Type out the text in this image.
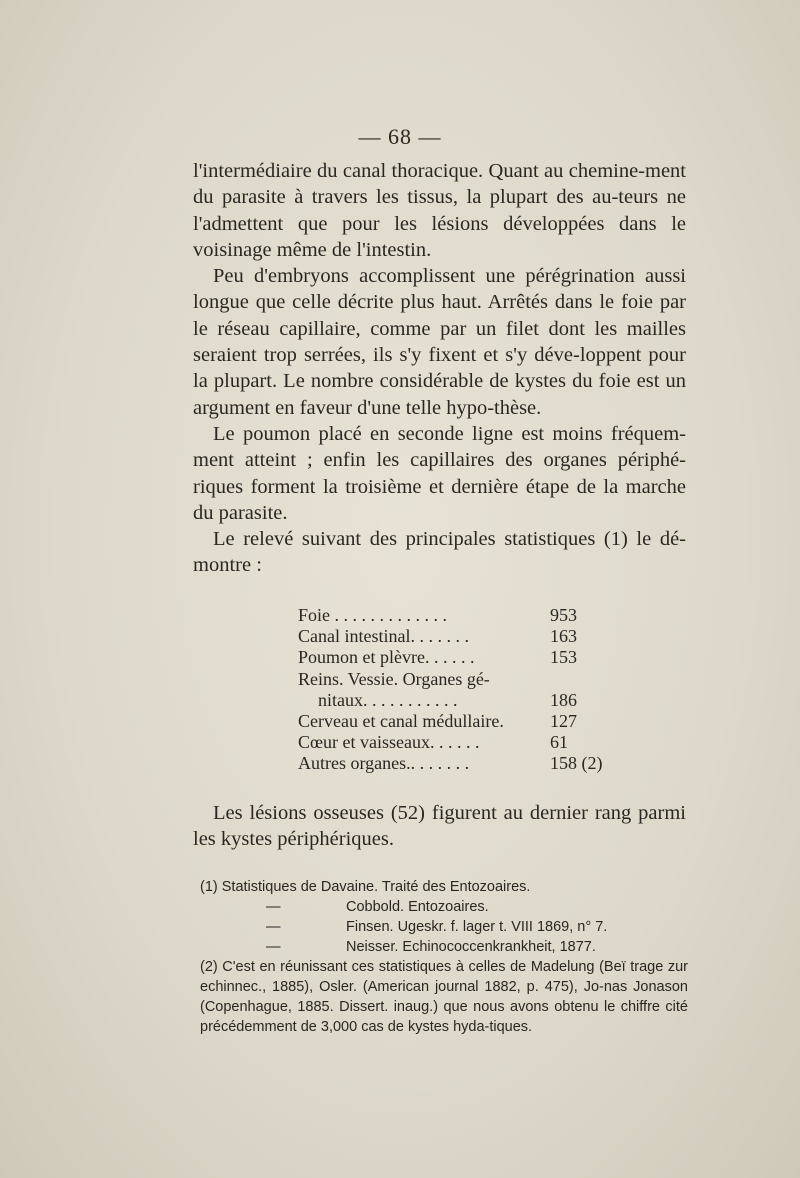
— 68 —

l'intermédiaire du canal thoracique. Quant au chemine-ment du parasite à travers les tissus, la plupart des au-teurs ne l'admettent que pour les lésions développées dans le voisinage même de l'intestin.

Peu d'embryons accomplissent une pérégrination aussi longue que celle décrite plus haut. Arrêtés dans le foie par le réseau capillaire, comme par un filet dont les mailles seraient trop serrées, ils s'y fixent et s'y déve-loppent pour la plupart. Le nombre considérable de kystes du foie est un argument en faveur d'une telle hypo-thèse.

Le poumon placé en seconde ligne est moins fréquem-ment atteint ; enfin les capillaires des organes périphé-riques forment la troisième et dernière étape de la marche du parasite.

Le relevé suivant des principales statistiques (1) le dé-montre :

Foie . . . . . . . . . . . . .	953
Canal intestinal. . . . . . .	163
Poumon et plèvre. . . . . .	153
Reins. Vessie. Organes gé-
nitaux. . . . . . . . . . .	186
Cerveau et canal médullaire.	127
Cœur et vaisseaux. . . . . .	61
Autres organes.. . . . . . .	158 (2)

Les lésions osseuses (52) figurent au dernier rang parmi les kystes périphériques.

(1) Statistiques de Davaine. Traité des Entozoaires.
—	Cobbold. Entozoaires.
—	Finsen. Ugeskr. f. lager t. VIII 1869, n° 7.
—	Neisser. Echinococcenkrankheit, 1877.
(2) C'est en réunissant ces statistiques à celles de Madelung (Beï trage zur echinnec., 1885), Osler. (American journal 1882, p. 475), Jo-nas Jonason (Copenhague, 1885. Dissert. inaug.) que nous avons obtenu le chiffre cité précédemment de 3,000 cas de kystes hyda-tiques.
